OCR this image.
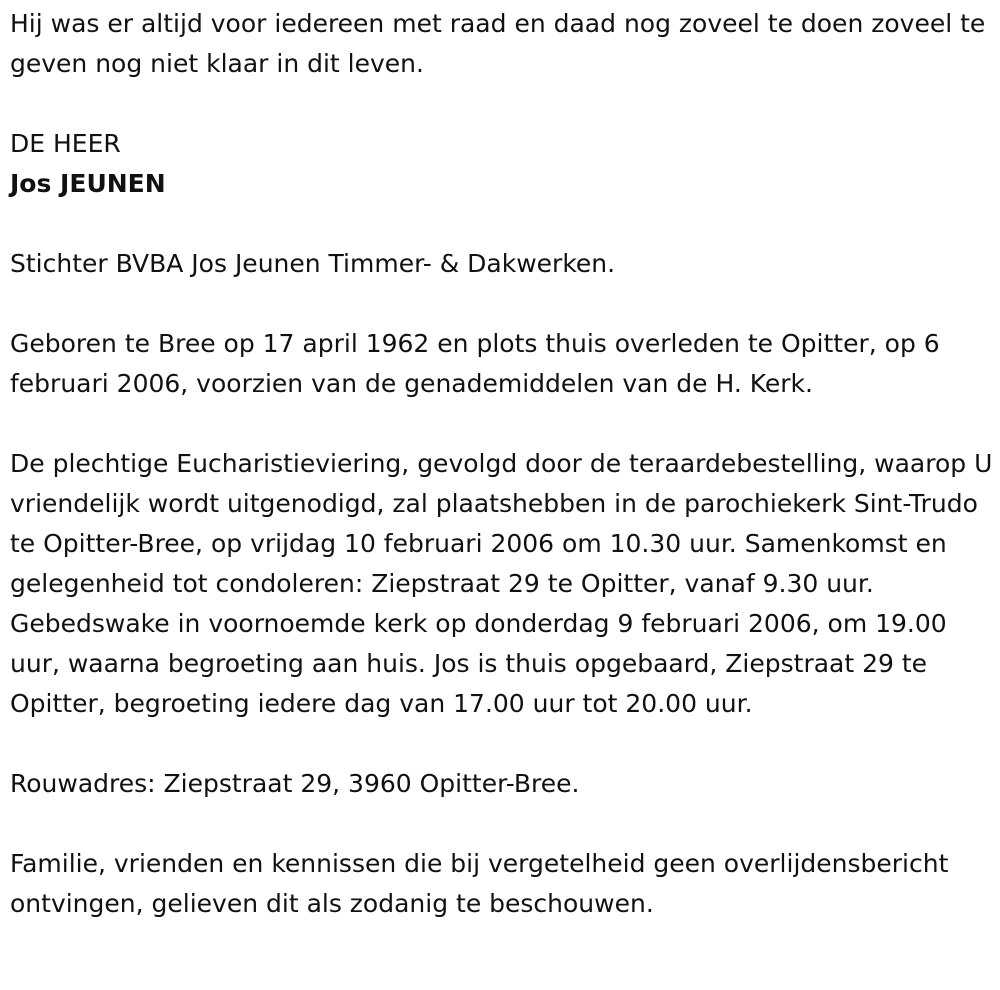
Hij was er altijd voor iedereen met raad en daad nog zoveel te doen zoveel te geven nog niet klaar in dit leven.

DE HEER

Jos JEUNEN

Stichter BVBA Jos Jeunen Timmer- & Dakwerken.

Geboren te Bree op 17 april 1962 en plots thuis overleden te Opitter, op 6 februari 2006, voorzien van de genademiddelen van de H. Kerk.

De plechtige Eucharistieviering, gevolgd door de teraardebestelling, waarop U vriendelijk wordt uitgenodigd, zal plaatshebben in de parochiekerk Sint-Trudo te Opitter-Bree, op vrijdag 10 februari 2006 om 10.30 uur. Samenkomst en gelegenheid tot condoleren: Ziepstraat 29 te Opitter, vanaf 9.30 uur. Gebedswake in voornoemde kerk op donderdag 9 februari 2006, om 19.00 uur, waarna begroeting aan huis. Jos is thuis opgebaard, Ziepstraat 29 te Opitter, begroeting iedere dag van 17.00 uur tot 20.00 uur.

Rouwadres: Ziepstraat 29, 3960 Opitter-Bree.

Familie, vrienden en kennissen die bij vergetelheid geen overlijdensbericht ontvingen, gelieven dit als zodanig te beschouwen.
